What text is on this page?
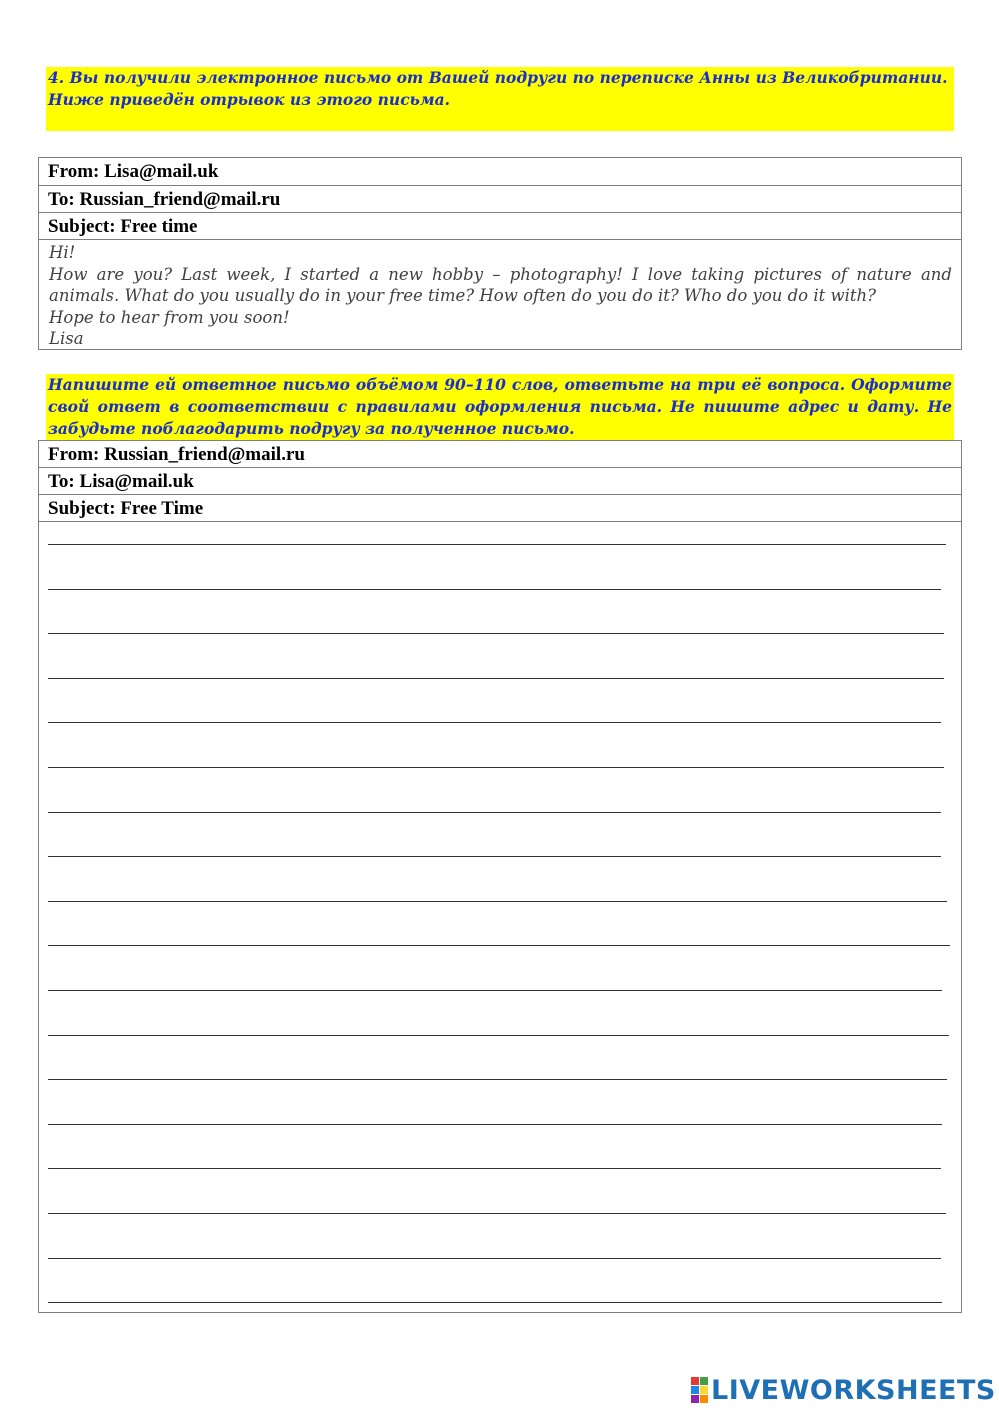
4. Вы получили электронное письмо от Вашей подруги по переписке Анны из Великобритании.
Ниже приведён отрывок из этого письма.
From: Lisa@mail.uk
To: Russian_friend@mail.ru
Subject: Free time

Hi!

How are you? Last week, I started a new hobby – photography! I love taking pictures of nature and animals. What do you usually do in your free time? How often do you do it? Who do you do it with?

Hope to hear from you soon!

Lisa

Напишите ей ответное письмо объёмом 90–110 слов, ответьте на три её вопроса. Оформите свой ответ в соответствии с правилами оформления письма. Не пишите адрес и дату. Не забудьте поблагодарить подругу за полученное письмо.
From: Russian_friend@mail.ru
To: Lisa@mail.uk
Subject: Free Time
LIVEWORKSHEETS
